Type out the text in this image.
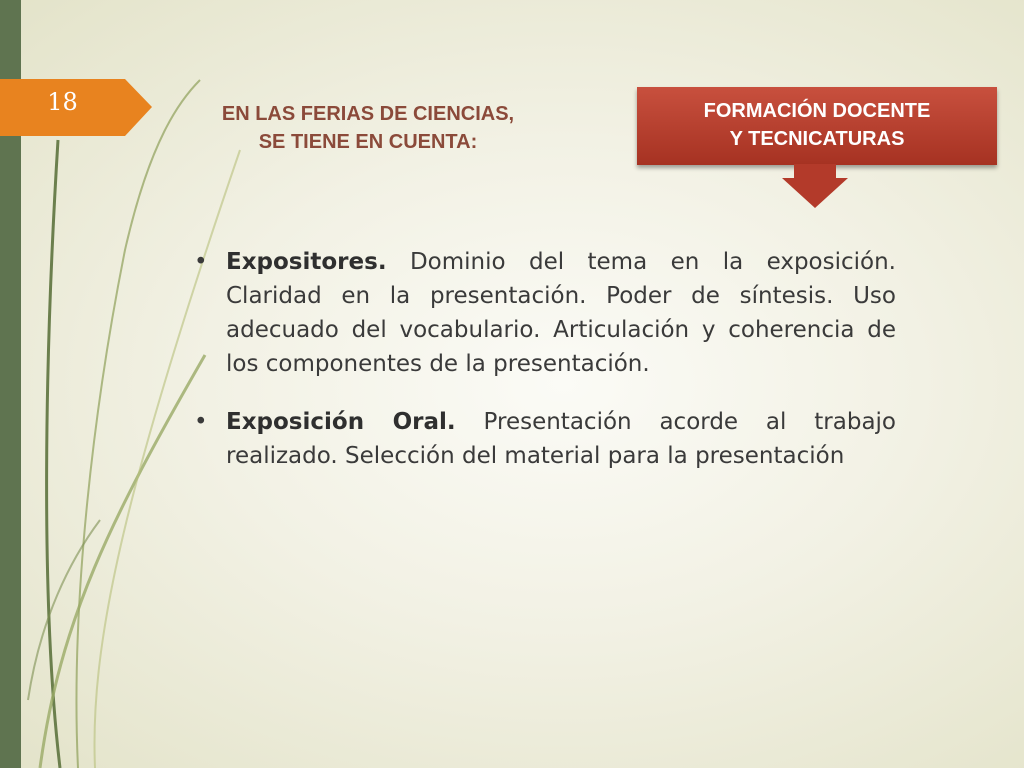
18	EN LAS FERIAS DE CIENCIAS,
SE TIENE EN CUENTA:
FORMACIÓN DOCENTE
Y TECNICATURAS

• Expositores. Dominio del tema en la exposición. Claridad en la presentación. Poder de síntesis. Uso adecuado del vocabulario. Articulación y coherencia de los componentes de la presentación.

• Exposición Oral. Presentación acorde al trabajo realizado. Selección del material para la presentación
